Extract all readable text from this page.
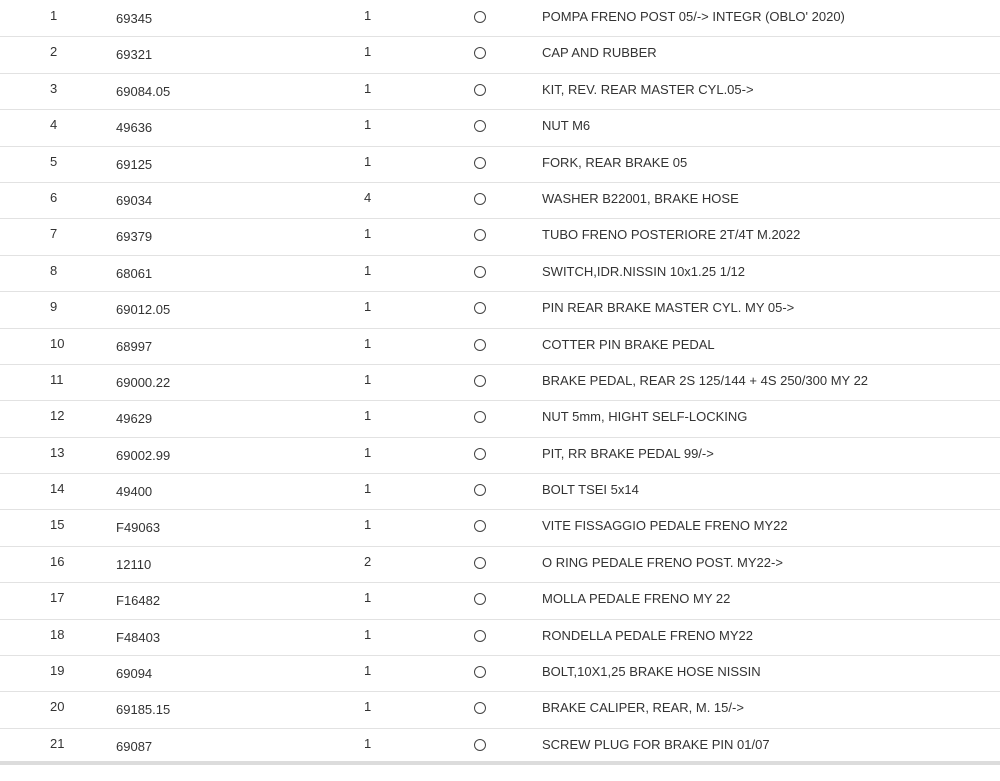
1	69345	1	POMPA FRENO POST 05/-> INTEGR (OBLO' 2020)
2	69321	1	CAP AND RUBBER
3	69084.05	1	KIT, REV. REAR MASTER CYL.05->
4	49636	1	NUT M6
5	69125	1	FORK, REAR BRAKE 05
6	69034	4	WASHER B22001, BRAKE HOSE
7	69379	1	TUBO FRENO POSTERIORE 2T/4T M.2022
8	68061	1	SWITCH,IDR.NISSIN 10x1.25 1/12
9	69012.05	1	PIN REAR BRAKE MASTER CYL. MY 05->
10	68997	1	COTTER PIN BRAKE PEDAL
11	69000.22	1	BRAKE PEDAL, REAR 2S 125/144 + 4S 250/300 MY 22
12	49629	1	NUT 5mm, HIGHT SELF-LOCKING
13	69002.99	1	PIT, RR BRAKE PEDAL 99/->
14	49400	1	BOLT TSEI 5x14
15	F49063	1	VITE FISSAGGIO PEDALE FRENO MY22
16	12110	2	O RING PEDALE FRENO POST. MY22->
17	F16482	1	MOLLA PEDALE FRENO MY 22
18	F48403	1	RONDELLA PEDALE FRENO MY22
19	69094	1	BOLT,10X1,25 BRAKE HOSE NISSIN
20	69185.15	1	BRAKE CALIPER, REAR, M. 15/->
21	69087	1	SCREW PLUG FOR BRAKE PIN 01/07
